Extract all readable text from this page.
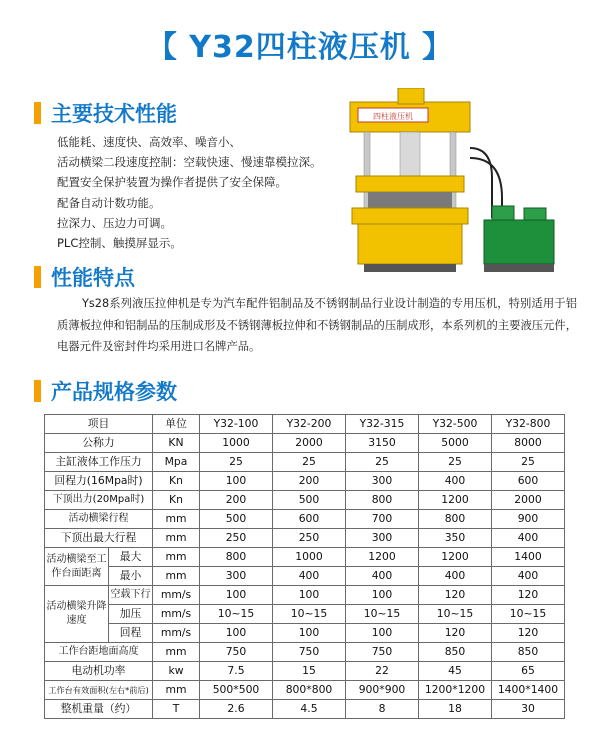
【 Y32四柱液压机 】
主要技术性能
低能耗、速度快、高效率、噪音小、
活动横梁二段速度控制：空载快速、慢速靠模拉深。
配置安全保护装置为操作者提供了安全保障。
配备自动计数功能。
拉深力、压边力可调。
PLC控制、触摸屏显示。
四柱液压机
性能特点
Ys28系列液压拉伸机是专为汽车配件铝制品及不锈钢制品行业设计制造的专用压机，特别适用于铝质薄板拉伸和铝制品的压制成形及不锈钢薄板拉伸和不锈钢制品的压制成形，本系列机的主要液压元件，电器元件及密封件均采用进口名牌产品。
产品规格参数
项目		单位	Y32-100	Y32-200	Y32-315	Y32-500	Y32-800
公称力		KN	1000	2000	3150	5000	8000
主缸液体工作压力		Mpa	25	25	25	25	25
回程力(16Mpa时)		Kn	100	200	300	400	600
下顶出力(20Mpa时)		Kn	200	500	800	1200	2000
活动横梁行程		mm	500	600	700	800	900
下顶出最大行程		mm	250	250	300	350	400
活动横梁至工作台面距离	最大	mm	800	1000	1200	1200	1400
	最小	mm	300	400	400	400	400
活动横梁升降速度	空载下行	mm/s	100	100	100	120	120
	加压	mm/s	10~15	10~15	10~15	10~15	10~15
	回程	mm/s	100	100	100	120	120
工作台距地面高度		mm	750	750	750	850	850
电动机功率		kw	7.5	15	22	45	65
工作台有效面积(左右*前后)		mm	500*500	800*800	900*900	1200*1200	1400*1400
整机重量（约）		T	2.6	4.5	8	18	30
